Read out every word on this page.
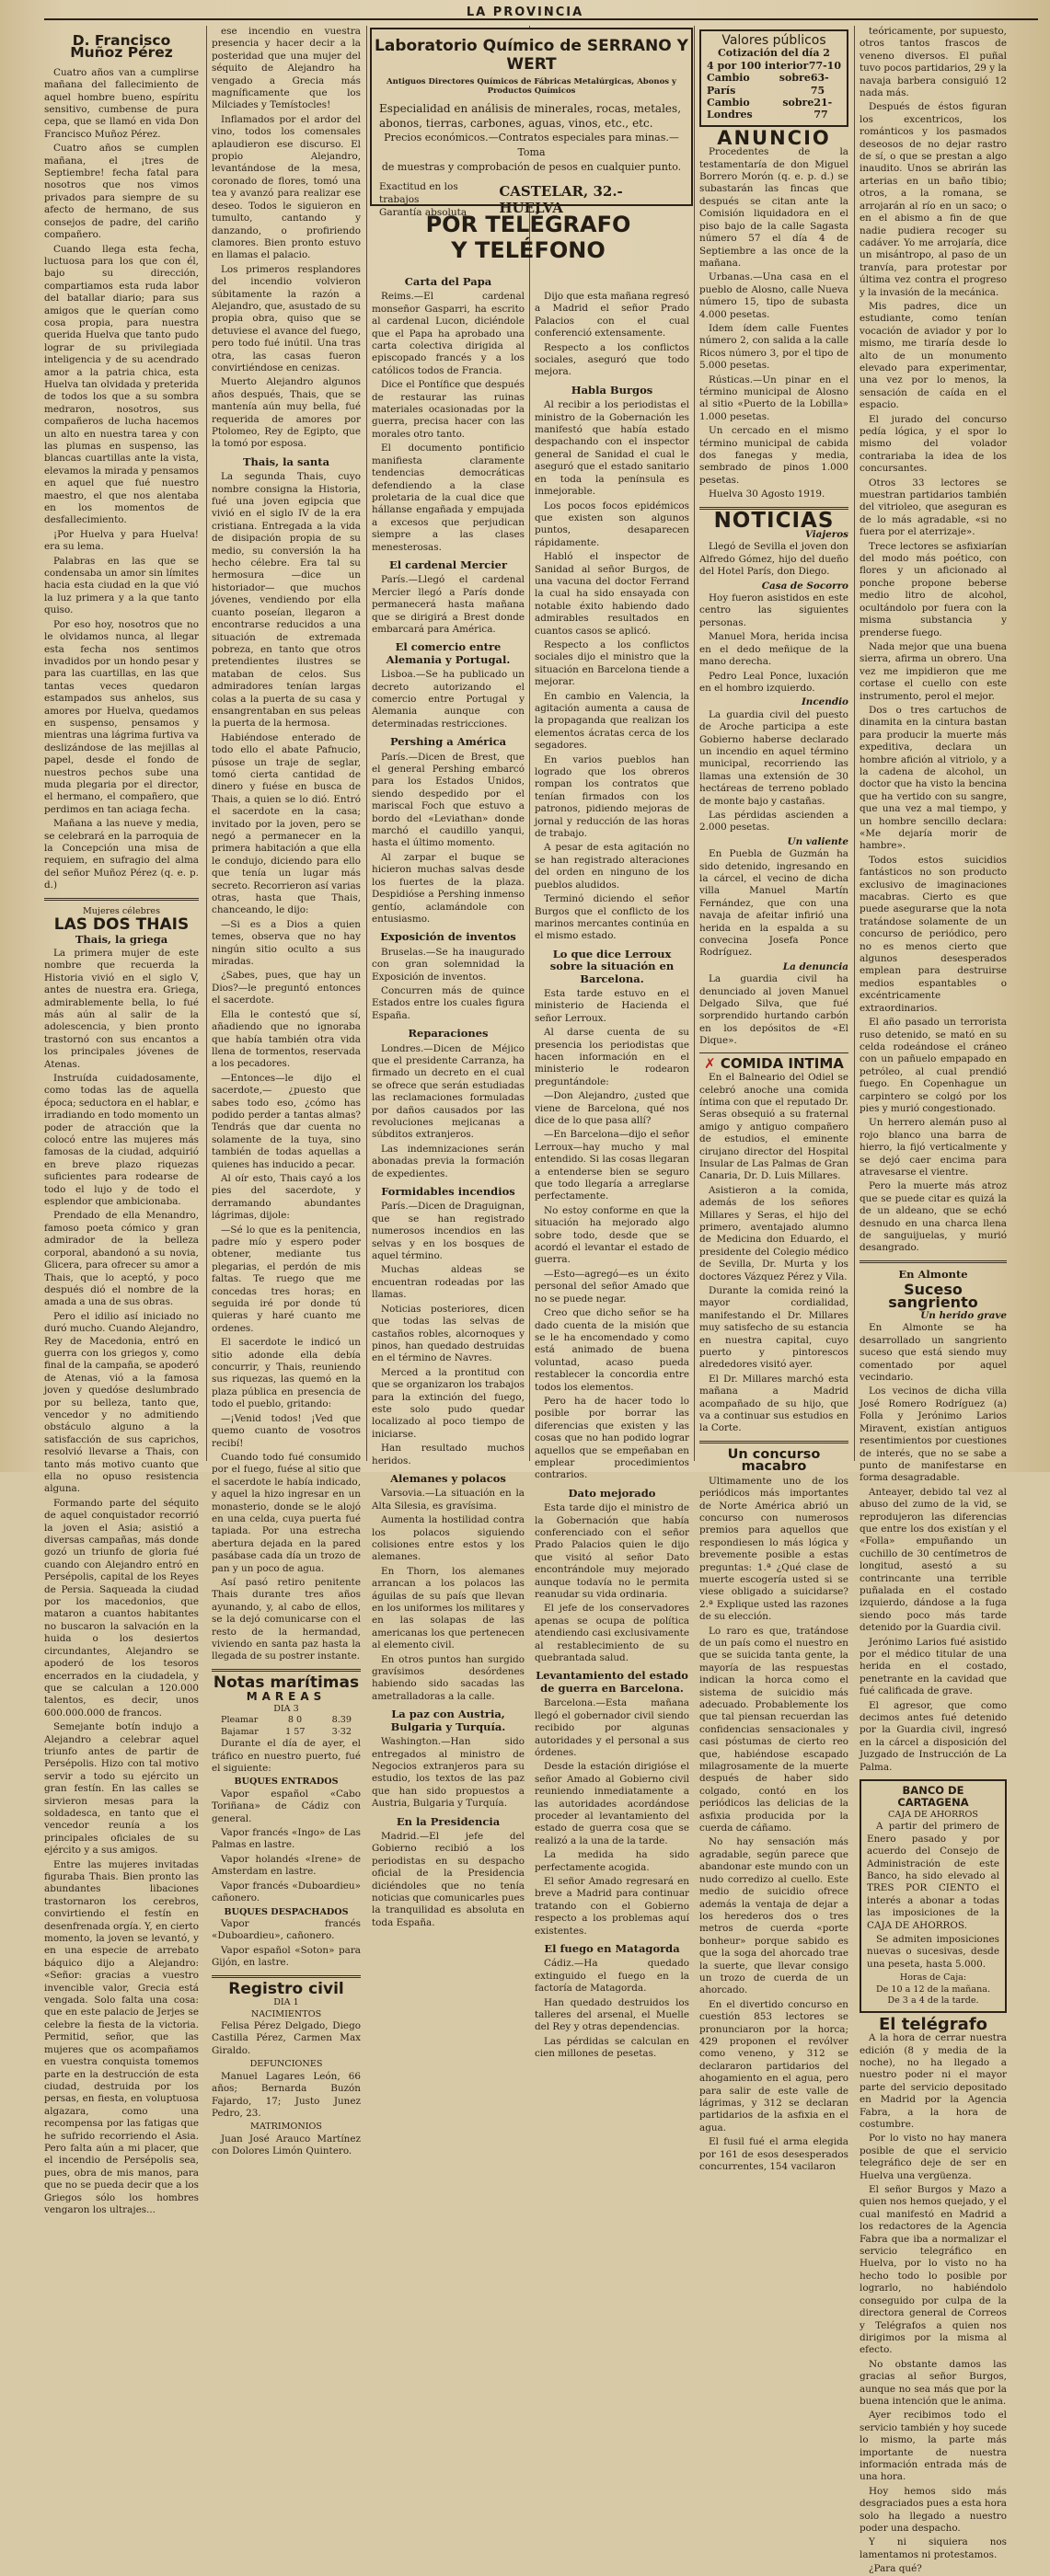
LA PROVINCIA
D. Francisco Muñoz Pérez

Cuatro años van a cumplirse mañana del fallecimiento de aquel hombre bueno, espíritu sensitivo, cumbense de pura cepa, que se llamó en vida Don Francisco Muñoz Pérez.

Cuatro años se cumplen mañana, el ¡tres de Septiembre! fecha fatal para nosotros que nos vimos privados para siempre de su afecto de hermano, de sus consejos de padre, del cariño compañero.

Cuando llega esta fecha, luctuosa para los que con él, bajo su dirección, compartiamos esta ruda labor del batallar diario; para sus amigos que le querían como cosa propia, para nuestra querida Huelva que tanto pudo lograr de su privilegiada inteligencia y de su acendrado amor a la patria chica, esta Huelva tan olvidada y preterida de todos los que a su sombra medraron, nosotros, sus compañeros de lucha hacemos un alto en nuestra tarea y con las plumas en suspenso, las blancas cuartillas ante la vista, elevamos la mirada y pensamos en aquel que fué nuestro maestro, el que nos alentaba en los momentos de desfallecimiento.

¡Por Huelva y para Huelva! era su lema.

Palabras en las que se condensaba un amor sin límites hacia esta ciudad en la que vió la luz primera y a la que tanto quiso.

Por eso hoy, nosotros que no le olvidamos nunca, al llegar esta fecha nos sentimos invadidos por un hondo pesar y para las cuartillas, en las que tantas veces quedaron estampados sus anhelos, sus amores por Huelva, quedamos en suspenso, pensamos y mientras una lágrima furtiva va deslizándose de las mejillas al papel, desde el fondo de nuestros pechos sube una muda plegaria por el director, el hermano, el compañero, que perdimos en tan aciaga fecha.

Mañana a las nueve y media, se celebrará en la parroquia de la Concepción una misa de requiem, en sufragio del alma del señor Muñoz Pérez (q. e. p. d.)

Mujeres célebres
LAS DOS THAIS
Thais, la griega

La primera mujer de este nombre que recuerda la Historia vivió en el siglo V, antes de nuestra era. Griega, admirablemente bella, lo fué más aún al salir de la adolescencia, y bien pronto trastornó con sus encantos a los principales jóvenes de Atenas.

Instruída cuidadosamente, como todas las de aquella época; seductora en el hablar, e irradiando en todo momento un poder de atracción que la colocó entre las mujeres más famosas de la ciudad, adquirió en breve plazo riquezas suficientes para rodearse de todo el lujo y de todo el esplendor que ambicionaba.

Prendado de ella Menandro, famoso poeta cómico y gran admirador de la belleza corporal, abandonó a su novia, Glicera, para ofrecer su amor a Thais, que lo aceptó, y poco después dió el nombre de la amada a una de sus obras.

Pero el idilio así iniciado no duró mucho. Cuando Alejandro, Rey de Macedonia, entró en guerra con los griegos y, como final de la campaña, se apoderó de Atenas, vió a la famosa joven y quedóse deslumbrado por su belleza, tanto que, vencedor y no admitiendo obstáculo alguno a la satisfacción de sus caprichos, resolvió llevarse a Thais, con tanto más motivo cuanto que ella no opuso resistencia alguna.

Formando parte del séquito de aquel conquistador recorrió la joven el Asia; asistió a diversas campañas, más donde gozó un triunfo de gloria fué cuando con Alejandro entró en Persépolis, capital de los Reyes de Persia. Saqueada la ciudad por los macedonios, que mataron a cuantos habitantes no buscaron la salvación en la huida o los desiertos circundantes, Alejandro se apoderó de los tesoros encerrados en la ciudadela, y que se calculan a 120.000 talentos, es decir, unos 600.000.000 de francos.

Semejante botín indujo a Alejandro a celebrar aquel triunfo antes de partir de Persépolis. Hizo con tal motivo servir a todo su ejército un gran festín. En las calles se sirvieron mesas para la soldadesca, en tanto que el vencedor reunía a los principales oficiales de su ejército y a sus amigos.

Entre las mujeres invitadas figuraba Thais. Bien pronto las abundantes libaciones trastornaron los cerebros, convirtiendo el festín en desenfrenada orgía. Y, en cierto momento, la joven se levantó, y en una especie de arrebato báquico dijo a Alejandro: «Señor: gracias a vuestro invencible valor, Grecia está vengada. Solo falta una cosa: que en este palacio de Jerjes se celebre la fiesta de la victoria. Permitid, señor, que las mujeres que os acompañamos en vuestra conquista tomemos parte en la destrucción de esta ciudad, destruida por los persas, en fiesta, en voluptuosa algazara, como una recompensa por las fatigas que he sufrido recorriendo el Asia. Pero falta aún a mi placer, que el incendio de Persépolis sea, pues, obra de mis manos, para que no se pueda decir que a los Griegos sólo los hombres vengaron los ultrajes...

ese incendio en vuestra presencia y hacer decir a la posteridad que una mujer del séquito de Alejandro ha vengado a Grecia más magníficamente que los Milciades y Temístocles!

Inflamados por el ardor del vino, todos los comensales aplaudieron ese discurso. El propio Alejandro, levantándose de la mesa, coronado de flores, tomó una tea y avanzó para realizar ese deseo. Todos le siguieron en tumulto, cantando y danzando, o profiriendo clamores. Bien pronto estuvo en llamas el palacio.

Los primeros resplandores del incendio volvieron súbitamente la razón a Alejandro, que, asustado de su propia obra, quiso que se detuviese el avance del fuego, pero todo fué inútil. Una tras otra, las casas fueron convirtiéndose en cenizas.

Muerto Alejandro algunos años después, Thais, que se mantenía aún muy bella, fué requerida de amores por Ptolomeo, Rey de Egipto, que la tomó por esposa.

Thais, la santa

La segunda Thais, cuyo nombre consigna la Historia, fué una joven egipcia que vivió en el siglo IV de la era cristiana. Entregada a la vida de disipación propia de su medio, su conversión la ha hecho célebre. Era tal su hermosura —dice un historiador— que muchos jóvenes, vendiendo por ella cuanto poseían, llegaron a encontrarse reducidos a una situación de extremada pobreza, en tanto que otros pretendientes ilustres se mataban de celos. Sus admiradores tenían largas colas a la puerta de su casa y ensangrentaban en sus peleas la puerta de la hermosa.

Habiéndose enterado de todo ello el abate Pafnucio, púsose un traje de seglar, tomó cierta cantidad de dinero y fuése en busca de Thais, a quien se lo dió. Entró el sacerdote en la casa; invitado por la joven, pero se negó a permanecer en la primera habitación a que ella le condujo, diciendo para ello que tenía un lugar más secreto. Recorrieron así varias otras, hasta que Thais, chanceando, le dijo:

—Si es a Dios a quien temes, observa que no hay ningún sitio oculto a sus miradas.

¿Sabes, pues, que hay un Dios?—le preguntó entonces el sacerdote.

Ella le contestó que sí, añadiendo que no ignoraba que había también otra vida llena de tormentos, reservada a los pecadores.

—Entonces—le dijo el sacerdote,— ¿puesto que sabes todo eso, ¿cómo has podido perder a tantas almas? Tendrás que dar cuenta no solamente de la tuya, sino también de todas aquellas a quienes has inducido a pecar.

Al oír esto, Thais cayó a los pies del sacerdote, y derramando abundantes lágrimas, dijole:

—Sé lo que es la penitencia, padre mío y espero poder obtener, mediante tus plegarias, el perdón de mis faltas. Te ruego que me concedas tres horas; en seguida iré por donde tú quieras y haré cuanto me ordenes.

El sacerdote le indicó un sitio adonde ella debía concurrir, y Thais, reuniendo sus riquezas, las quemó en la plaza pública en presencia de todo el pueblo, gritando:

—¡Venid todos! ¡Ved que quemo cuanto de vosotros recibí!

Cuando todo fué consumido por el fuego, fuése al sitio que el sacerdote le había indicado, y aquel la hizo ingresar en un monasterio, donde se le alojó en una celda, cuya puerta fué tapiada. Por una estrecha abertura dejada en la pared pasábase cada día un trozo de pan y un poco de agua.

Así pasó retiro penitente Thais durante tres años ayunando, y, al cabo de ellos, se la dejó comunicarse con el resto de la hermandad, viviendo en santa paz hasta la llegada de su postrer instante.

Notas marítimas
MAREAS
DIA 3
Pleamar	8 0	8.39
Bajamar	1 57	3·32

Durante el día de ayer, el tráfico en nuestro puerto, fué el siguiente:

BUQUES ENTRADOS

Vapor español «Cabo Toriñana» de Cádiz con general.

Vapor francés «Ingo» de Las Palmas en lastre.

Vapor holandés «Irene» de Amsterdam en lastre.

Vapor francés «Duboardieu» cañonero.

BUQUES DESPACHADOS

Vapor francés «Duboardieu», cañonero.

Vapor español «Soton» para Gijón, en lastre.

Registro civil
DIA 1
NACIMIENTOS

Felisa Pérez Delgado, Diego Castilla Pérez, Carmen Max Giraldo.

DEFUNCIONES

Manuel Lagares León, 66 años; Bernarda Buzón Fajardo, 17; Justo Junez Pedro, 23.

MATRIMONIOS

Juan José Arauco Martínez con Dolores Limón Quintero.

Laboratorio Químico de SERRANO Y WERT
Antiguos Directores Químicos de Fábricas Metalúrgicas, Abonos y Productos Químicos
Especialidad en análisis de minerales, rocas, metales,
abonos, tierras, carbones, aguas, vinos, etc., etc.
Precios económicos.—Contratos especiales para minas.—Toma
de muestras y comprobación de pesos en cualquier punto.
Exactitud en los trabajos
Garantía absoluta
CASTELAR, 32.-HUELVA
POR TELÉGRAFO
Y TELÉFONO
Carta del Papa

Reims.—El cardenal monseñor Gasparri, ha escrito al cardenal Lucon, diciéndole que el Papa ha aprobado una carta colectiva dirigida al episcopado francés y a los católicos todos de Francia.

Dice el Pontífice que después de restaurar las ruinas materiales ocasionadas por la guerra, precisa hacer con las morales otro tanto.

El documento pontificio manifiesta claramente tendencias democráticas defendiendo a la clase proletaria de la cual dice que hállanse engañada y empujada a excesos que perjudican siempre a las clases menesterosas.

El cardenal Mercier

París.—Llegó el cardenal Mercier llegó a París donde permanecerá hasta mañana que se dirigirá a Brest donde embarcará para América.

El comercio entre Alemania y Portugal.

Lisboa.—Se ha publicado un decreto autorizando el comercio entre Portugal y Alemania aunque con determinadas restricciones.

Pershing a América

París.—Dicen de Brest, que el general Pershing embarcó para los Estados Unidos, siendo despedido por el mariscal Foch que estuvo a bordo del «Leviathan» donde marchó el caudillo yanqui, hasta el último momento.

Al zarpar el buque se hicieron muchas salvas desde los fuertes de la plaza. Despidióse a Pershing inmenso gentío, aclamándole con entusiasmo.

Exposición de inventos

Bruselas.—Se ha inaugurado con gran solemnidad la Exposición de inventos.

Concurren más de quince Estados entre los cuales figura España.

Reparaciones

Londres.—Dicen de Méjico que el presidente Carranza, ha firmado un decreto en el cual se ofrece que serán estudiadas las reclamaciones formuladas por daños causados por las revoluciones mejicanas a súbditos extranjeros.

Las indemnizaciones serán abonadas previa la formación de expedientes.

Formidables incendios

París.—Dicen de Draguignan, que se han registrado numerosos incendios en las selvas y en los bosques de aquel término.

Muchas aldeas se encuentran rodeadas por las llamas.

Noticias posteriores, dicen que todas las selvas de castaños robles, alcornoques y pinos, han quedado destruidas en el término de Navres.

Merced a la prontitud con que se organizaron los trabajos para la extinción del fuego, este solo pudo quedar localizado al poco tiempo de iniciarse.

Han resultado muchos heridos.

Alemanes y polacos

Varsovia.—La situación en la Alta Silesia, es gravísima.

Aumenta la hostilidad contra los polacos siguiendo colisiones entre estos y los alemanes.

En Thorn, los alemanes arrancan a los polacos las águilas de su país que llevan en los uniformes los militares y en las solapas de las americanas los que pertenecen al elemento civil.

En otros puntos han surgido gravísimos desórdenes habiendo sido sacadas las ametralladoras a la calle.

La paz con Austria, Bulgaria y Turquía.

Washington.—Han sido entregados al ministro de Negocios extranjeros para su estudio, los textos de las paz que han sido propuestos a Austria, Bulgaria y Turquía.

En la Presidencia

Madrid.—El jefe del Gobierno recibió a los periodistas en su despacho oficial de la Presidencia diciéndoles que no tenía noticias que comunicarles pues la tranquilidad es absoluta en toda España.

Dijo que esta mañana regresó a Madrid el señor Prado Palacios con el cual conferenció extensamente.

Respecto a los conflictos sociales, aseguró que todo mejora.

Habla Burgos

Al recibir a los periodistas el ministro de la Gobernación les manifestó que había estado despachando con el inspector general de Sanidad el cual le aseguró que el estado sanitario en toda la península es inmejorable.

Los pocos focos epidémicos que existen son algunos puntos, desaparecen rápidamente.

Habló el inspector de Sanidad al señor Burgos, de una vacuna del doctor Ferrand la cual ha sido ensayada con notable éxito habiendo dado admirables resultados en cuantos casos se aplicó.

Respecto a los conflictos sociales dijo el ministro que la situación en Barcelona tiende a mejorar.

En cambio en Valencia, la agitación aumenta a causa de la propaganda que realizan los elementos ácratas cerca de los segadores.

En varios pueblos han logrado que los obreros rompan los contratos que tenían firmados con los patronos, pidiendo mejoras de jornal y reducción de las horas de trabajo.

A pesar de esta agitación no se han registrado alteraciones del orden en ninguno de los pueblos aludidos.

Terminó diciendo el señor Burgos que el conflicto de los marinos mercantes continúa en el mismo estado.

Lo que dice Lerroux sobre la situación en Barcelona.

Esta tarde estuvo en el ministerio de Hacienda el señor Lerroux.

Al darse cuenta de su presencia los periodistas que hacen información en el ministerio le rodearon preguntándole:

—Don Alejandro, ¿usted que viene de Barcelona, qué nos dice de lo que pasa allí?

—En Barcelona—dijo el señor Lerroux—hay mucho y mal entendido. Si las cosas llegaran a entenderse bien se seguro que todo llegaría a arreglarse perfectamente.

No estoy conforme en que la situación ha mejorado algo sobre todo, desde que se acordó el levantar el estado de guerra.

—Esto—agregó—es un éxito personal del señor Amado que no se puede negar.

Creo que dicho señor se ha dado cuenta de la misión que se le ha encomendado y como está animado de buena voluntad, acaso pueda restablecer la concordia entre todos los elementos.

Pero ha de hacer todo lo posible por borrar las diferencias que existen y las cosas que no han podido lograr aquellos que se empeñaban en emplear procedimientos contrarios.

Dato mejorado

Esta tarde dijo el ministro de la Gobernación que había conferenciado con el señor Prado Palacios quien le dijo que visitó al señor Dato encontrándole muy mejorado aunque todavía no le permita reanudar su vida ordinaria.

El jefe de los conservadores apenas se ocupa de política atendiendo casi exclusivamente al restablecimiento de su quebrantada salud.

Levantamiento del estado de guerra en Barcelona.

Barcelona.—Esta mañana llegó el gobernador civil siendo recibido por algunas autoridades y el personal a sus órdenes.

Desde la estación dirigióse el señor Amado al Gobierno civil reuniendo inmediatamente a las autoridades acordándose proceder al levantamiento del estado de guerra cosa que se realizó a la una de la tarde.

La medida ha sido perfectamente acogida.

El señor Amado regresará en breve a Madrid para continuar tratando con el Gobierno respecto a los problemas aquí existentes.

El fuego en Matagorda

Cádiz.—Ha quedado extinguido el fuego en la factoría de Matagorda.

Han quedado destruidos los talleres del arsenal, el Muelle del Rey y otras dependencias.

Las pérdidas se calculan en cien millones de pesetas.

Valores públicos
Cotización del día 2
4 por 100 interior 77-10
Cambio sobre París
63-75
Cambio sobre Londres
21-77
ANUNCIO

Procedentes de la testamentaría de don Miguel Borrero Morón (q. e. p. d.) se subastarán las fincas que después se citan ante la Comisión liquidadora en el piso bajo de la calle Sagasta número 57 el día 4 de Septiembre a las once de la mañana.

Urbanas.—Una casa en el pueblo de Alosno, calle Nueva número 15, tipo de subasta 4.000 pesetas.

Idem ídem calle Fuentes número 2, con salida a la calle Ricos número 3, por el tipo de 5.000 pesetas.

Rústicas.—Un pinar en el término municipal de Alosno al sitio «Puerto de la Lobilla» 1.000 pesetas.

Un cercado en el mismo término municipal de cabida dos fanegas y media, sembrado de pinos 1.000 pesetas.

Huelva 30 Agosto 1919.

NOTICIAS
Viajeros

Llegó de Sevilla el joven don Alfredo Gómez, hijo del dueño del Hotel París, don Diego.

Casa de Socorro

Hoy fueron asistidos en este centro las siguientes personas.

Manuel Mora, herida incisa en el dedo meñique de la mano derecha.

Pedro Leal Ponce, luxación en el hombro izquierdo.

Incendio

La guardia civil del puesto de Aroche participa a este Gobierno haberse declarado un incendio en aquel término municipal, recorriendo las llamas una extensión de 30 hectáreas de terreno poblado de monte bajo y castañas.

Las pérdidas ascienden a 2.000 pesetas.

Un valiente

En Puebla de Guzmán ha sido detenido, ingresando en la cárcel, el vecino de dicha villa Manuel Martín Fernández, que con una navaja de afeitar infirió una herida en la espalda a su convecina Josefa Ponce Rodríguez.

La denuncia

La guardia civil ha denunciado al joven Manuel Delgado Silva, que fué sorprendido hurtando carbón en los depósitos de «El Dique».

✗ COMIDA INTIMA

En el Balneario del Odiel se celebró anoche una comida íntima con que el reputado Dr. Seras obsequió a su fraternal amigo y antiguo compañero de estudios, el eminente cirujano director del Hospital Insular de Las Palmas de Gran Canaria, Dr. D. Luis Millares.

Asistieron a la comida, además de los señores Millares y Seras, el hijo del primero, aventajado alumno de Medicina don Eduardo, el presidente del Colegio médico de Sevilla, Dr. Murta y los doctores Vázquez Pérez y Vila.

Durante la comida reinó la mayor cordialidad, manifestando el Dr. Millares muy satisfecho de su estancia en nuestra capital, cuyo puerto y pintorescos alrededores visitó ayer.

El Dr. Millares marchó esta mañana a Madrid acompañado de su hijo, que va a continuar sus estudios en la Corte.

Un concurso macabro

Ultimamente uno de los periódicos más importantes de Norte América abrió un concurso con numerosos premios para aquellos que respondiesen lo más lógica y brevemente posible a estas preguntas: 1.ª ¿Qué clase de muerte escogería usted si se viese obligado a suicidarse? 2.ª Explique usted las razones de su elección.

Lo raro es que, tratándose de un país como el nuestro en que se suicida tanta gente, la mayoría de las respuestas indican la horca como el sistema de suicidio más adecuado. Probablemente los que tal piensan recuerdan las confidencias sensacionales y casi póstumas de cierto reo que, habiéndose escapado milagrosamente de la muerte después de haber sido colgado, contó en los periódicos las delicias de la asfixia producida por la cuerda de cáñamo.

No hay sensación más agradable, según parece que abandonar este mundo con un nudo corredizo al cuello. Este medio de suicidio ofrece además la ventaja de dejar a los herederos dos o tres metros de cuerda «porte bonheur» porque sabido es que la soga del ahorcado trae la suerte, que llevar consigo un trozo de cuerda de un ahorcado.

En el divertido concurso en cuestión 853 lectores se pronunciaron por la horca; 429 proponen el revólver como veneno, y 312 se declararon partidarios del ahogamiento en el agua, pero para salir de este valle de lágrimas, y 312 se declaran partidarios de la asfixia en el agua.

El fusil fué el arma elegida por 161 de esos desesperados concurrentes, 154 vacilaron

teóricamente, por supuesto, otros tantos frascos de veneno diversos. El puñal tuvo pocos partidarios, 29 y la navaja barbera consiguió 12 nada más.

Después de éstos figuran los excentricos, los románticos y los pasmados deseosos de no dejar rastro de sí, o que se prestan a algo inaudito. Unos se abrirán las arterias en un baño tibio; otros, a la romana, se arrojarán al río en un saco; o en el abismo a fin de que nadie pudiera recoger su cadáver. Yo me arrojaría, dice un misántropo, al paso de un tranvía, para protestar por última vez contra el progreso y la invasión de la mecánica.

Mis padres, dice un estudiante, como tenían vocación de aviador y por lo mismo, me tiraría desde lo alto de un monumento elevado para experimentar, una vez por lo menos, la sensación de caída en el espacio.

El jurado del concurso pedía lógica, y el spor lo mismo del volador contrariaba la idea de los concursantes.

Otros 33 lectores se muestran partidarios también del vitrioleo, que aseguran es de lo más agradable, «si no fuera por el aterrizaje».

Trece lectores se asfixiarían del modo más poético, con flores y un aficionado al ponche propone beberse medio litro de alcohol, ocultándolo por fuera con la misma substancia y prenderse fuego.

Nada mejor que una buena sierra, afirma un obrero. Una vez me impidieron que me cortase el cuello con este instrumento, perol el mejor.

Dos o tres cartuchos de dinamita en la cintura bastan para producir la muerte más expeditiva, declara un hombre afición al vitriolo, y a la cadena de alcohol, un doctor que ha visto la bencina que ha vertido con su sangre, que una vez a mal tiempo, y un hombre sencillo declara: «Me dejaría morir de hambre».

Todos estos suicidios fantásticos no son producto exclusivo de imaginaciones macabras. Cierto es que puede asegurarse que la nota tratándose solamente de un concurso de periódico, pero no es menos cierto que algunos desesperados emplean para destruirse medios espantables o excéntricamente extraordinarios.

El año pasado un terrorista ruso detenido, se mató en su celda rodeándose el cráneo con un pañuelo empapado en petróleo, al cual prendió fuego. En Copenhague un carpintero se colgó por los pies y murió congestionado.

Un herrero alemán puso al rojo blanco una barra de hierro, la fijó verticalmente y se dejó caer encima para atravesarse el vientre.

Pero la muerte más atroz que se puede citar es quizá la de un aldeano, que se echó desnudo en una charca llena de sanguijuelas, y murió desangrado.

En Almonte
Suceso sangriento
Un herido grave

En Almonte se ha desarrollado un sangriento suceso que está siendo muy comentado por aquel vecindario.

Los vecinos de dicha villa José Romero Rodríguez (a) Folla y Jerónimo Larios Miravent, existían antiguos resentimientos por cuestiones de interés, que no se sabe a punto de manifestarse en forma desagradable.

Anteayer, debido tal vez al abuso del zumo de la vid, se reprodujeron las diferencias que entre los dos existían y el «Folla» empuñando un cuchillo de 30 centímetros de longitud, asestó a su contrincante una terrible puñalada en el costado izquierdo, dándose a la fuga siendo poco más tarde detenido por la Guardia civil.

Jerónimo Larios fué asistido por el médico titular de una herida en el costado, penetrante en la cavidad que fué calificada de grave.

El agresor, que como decimos antes fué detenido por la Guardia civil, ingresó en la cárcel a disposición del Juzgado de Instrucción de La Palma.

BANCO DE CARTAGENA
CAJA DE AHORROS

A partir del primero de Enero pasado y por acuerdo del Consejo de Administración de este Banco, ha sido elevado al TRES POR CIENTO el interés a abonar a todas las imposiciones de la CAJA DE AHORROS.

Se admiten imposiciones nuevas o sucesivas, desde una peseta, hasta 5.000.

Horas de Caja:
De 10 a 12 de la mañana.
De 3 a 4 de la tarde.
El telégrafo

A la hora de cerrar nuestra edición (8 y media de la noche), no ha llegado a nuestro poder ni el mayor parte del servicio depositado en Madrid por la Agencia Fabra, a la hora de costumbre.

Por lo visto no hay manera posible de que el servicio telegráfico deje de ser en Huelva una vergüenza.

El señor Burgos y Mazo a quien nos hemos quejado, y el cual manifestó en Madrid a los redactores de la Agencia Fabra que iba a normalizar el servicio telegráfico en Huelva, por lo visto no ha hecho todo lo posible por lograrlo, no habiéndolo conseguido por culpa de la directora general de Correos y Telégrafos a quien nos dirigimos por la misma al efecto.

No obstante damos las gracias al señor Burgos, aunque no sea más que por la buena intención que le anima.

Ayer recibimos todo el servicio también y hoy sucede lo mismo, la parte más importante de nuestra información entrada más de una hora.

Hoy hemos sido más desgraciados pues a esta hora solo ha llegado a nuestro poder una despacho.

Y ni siquiera nos lamentamos ni protestamos.

¿Para qué?
